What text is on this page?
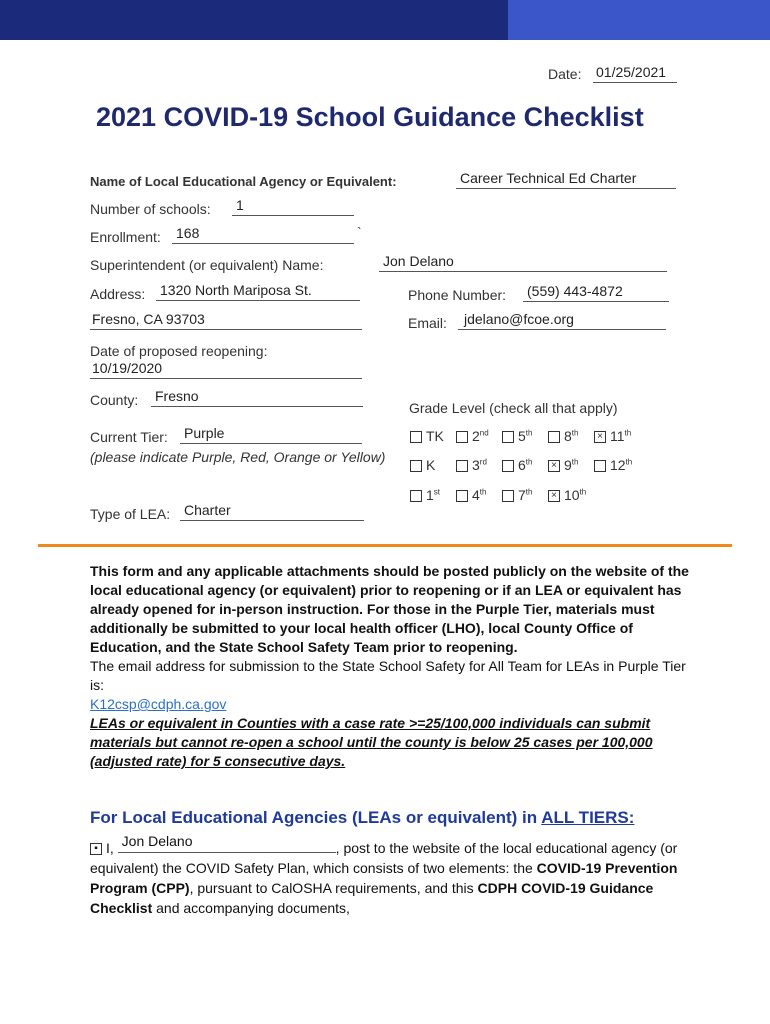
Date: 01/25/2021
2021 COVID-19 School Guidance Checklist
Name of Local Educational Agency or Equivalent:	Career Technical Ed Charter
Number of schools: 1
Enrollment: 168	`
Superintendent (or equivalent) Name:	Jon Delano
Address: 1320 North Mariposa St.
Fresno, CA 93703
Phone Number: (559) 443-4872
Email: jdelano@fcoe.org
Date of proposed reopening:
10/19/2020
County: Fresno
Current Tier: Purple
(please indicate Purple, Red, Orange or Yellow)
Type of LEA: Charter
Grade Level (check all that apply)
TK	2nd	5th	8th	× 11th
K	3rd	6th	× 9th	12th
1st	4th	7th	× 10th
This form and any applicable attachments should be posted publicly on the website of the local educational agency (or equivalent) prior to reopening or if an LEA or equivalent has already opened for in-person instruction. For those in the Purple Tier, materials must additionally be submitted to your local health officer (LHO), local County Office of Education, and the State School Safety Team prior to reopening.
The email address for submission to the State School Safety for All Team for LEAs in Purple Tier is:
K12csp@cdph.ca.gov
LEAs or equivalent in Counties with a case rate >=25/100,000 individuals can submit materials but cannot re-open a school until the county is below 25 cases per 100,000 (adjusted rate) for 5 consecutive days.
For Local Educational Agencies (LEAs or equivalent) in ALL TIERS:
▪ I, Jon Delano	, post to the website of the local educational agency (or equivalent) the COVID Safety Plan, which consists of two elements: the COVID-19 Prevention Program (CPP), pursuant to CalOSHA requirements, and this CDPH COVID-19 Guidance Checklist and accompanying documents,
